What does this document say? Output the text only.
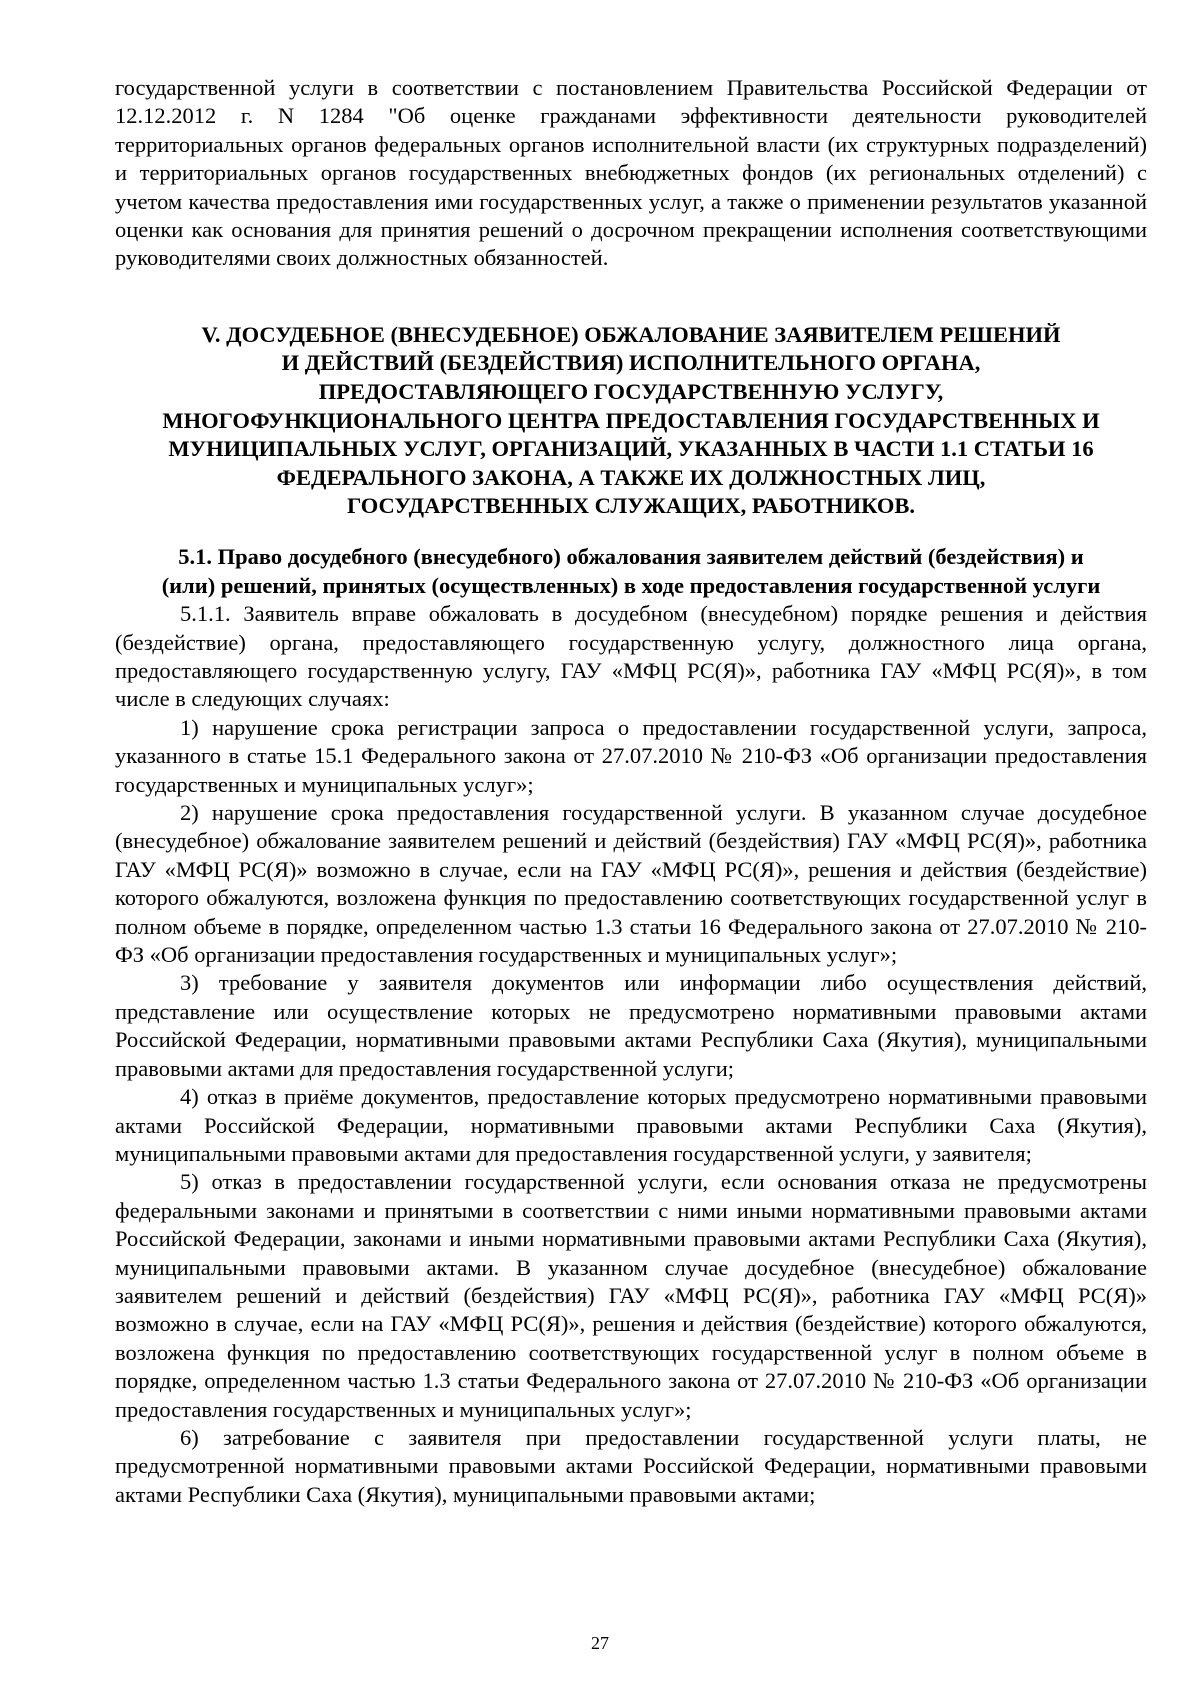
государственной услуги в соответствии с постановлением Правительства Российской Федерации от 12.12.2012 г. N 1284 "Об оценке гражданами эффективности деятельности руководителей территориальных органов федеральных органов исполнительной власти (их структурных подразделений) и территориальных органов государственных внебюджетных фондов (их региональных отделений) с учетом качества предоставления ими государственных услуг, а также о применении результатов указанной оценки как основания для принятия решений о досрочном прекращении исполнения соответствующими руководителями своих должностных обязанностей.

V. ДОСУДЕБНОЕ (ВНЕСУДЕБНОЕ) ОБЖАЛОВАНИЕ ЗАЯВИТЕЛЕМ РЕШЕНИЙ
И ДЕЙСТВИЙ (БЕЗДЕЙСТВИЯ) ИСПОЛНИТЕЛЬНОГО ОРГАНА,
ПРЕДОСТАВЛЯЮЩЕГО ГОСУДАРСТВЕННУЮ УСЛУГУ,
МНОГОФУНКЦИОНАЛЬНОГО ЦЕНТРА ПРЕДОСТАВЛЕНИЯ ГОСУДАРСТВЕННЫХ И
МУНИЦИПАЛЬНЫХ УСЛУГ, ОРГАНИЗАЦИЙ, УКАЗАННЫХ В ЧАСТИ 1.1 СТАТЬИ 16
ФЕДЕРАЛЬНОГО ЗАКОНА, А ТАКЖЕ ИХ ДОЛЖНОСТНЫХ ЛИЦ,
ГОСУДАРСТВЕННЫХ СЛУЖАЩИХ, РАБОТНИКОВ.
5.1. Право досудебного (внесудебного) обжалования заявителем действий (бездействия) и
(или) решений, принятых (осуществленных) в ходе предоставления государственной услуги

5.1.1. Заявитель вправе обжаловать в досудебном (внесудебном) порядке решения и действия (бездействие) органа, предоставляющего государственную услугу, должностного лица органа, предоставляющего государственную услугу, ГАУ «МФЦ РС(Я)», работника ГАУ «МФЦ РС(Я)», в том числе в следующих случаях:

1) нарушение срока регистрации запроса о предоставлении государственной услуги, запроса, указанного в статье 15.1 Федерального закона от 27.07.2010 № 210-ФЗ «Об организации предоставления государственных и муниципальных услуг»;

2) нарушение срока предоставления государственной услуги. В указанном случае досудебное (внесудебное) обжалование заявителем решений и действий (бездействия) ГАУ «МФЦ РС(Я)», работника ГАУ «МФЦ РС(Я)» возможно в случае, если на ГАУ «МФЦ РС(Я)», решения и действия (бездействие) которого обжалуются, возложена функция по предоставлению соответствующих государственной услуг в полном объеме в порядке, определенном частью 1.3 статьи 16 Федерального закона от 27.07.2010 № 210-ФЗ «Об организации предоставления государственных и муниципальных услуг»;

3) требование у заявителя документов или информации либо осуществления действий, представление или осуществление которых не предусмотрено нормативными правовыми актами Российской Федерации, нормативными правовыми актами Республики Саха (Якутия), муниципальными правовыми актами для предоставления государственной услуги;

4) отказ в приёме документов, предоставление которых предусмотрено нормативными правовыми актами Российской Федерации, нормативными правовыми актами Республики Саха (Якутия), муниципальными правовыми актами для предоставления государственной услуги, у заявителя;

5) отказ в предоставлении государственной услуги, если основания отказа не предусмотрены федеральными законами и принятыми в соответствии с ними иными нормативными правовыми актами Российской Федерации, законами и иными нормативными правовыми актами Республики Саха (Якутия), муниципальными правовыми актами. В указанном случае досудебное (внесудебное) обжалование заявителем решений и действий (бездействия) ГАУ «МФЦ РС(Я)», работника ГАУ «МФЦ РС(Я)» возможно в случае, если на ГАУ «МФЦ РС(Я)», решения и действия (бездействие) которого обжалуются, возложена функция по предоставлению соответствующих государственной услуг в полном объеме в порядке, определенном частью 1.3 статьи Федерального закона от 27.07.2010 № 210-ФЗ «Об организации предоставления государственных и муниципальных услуг»;

6) затребование с заявителя при предоставлении государственной услуги платы, не предусмотренной нормативными правовыми актами Российской Федерации, нормативными правовыми актами Республики Саха (Якутия), муниципальными правовыми актами;

27
